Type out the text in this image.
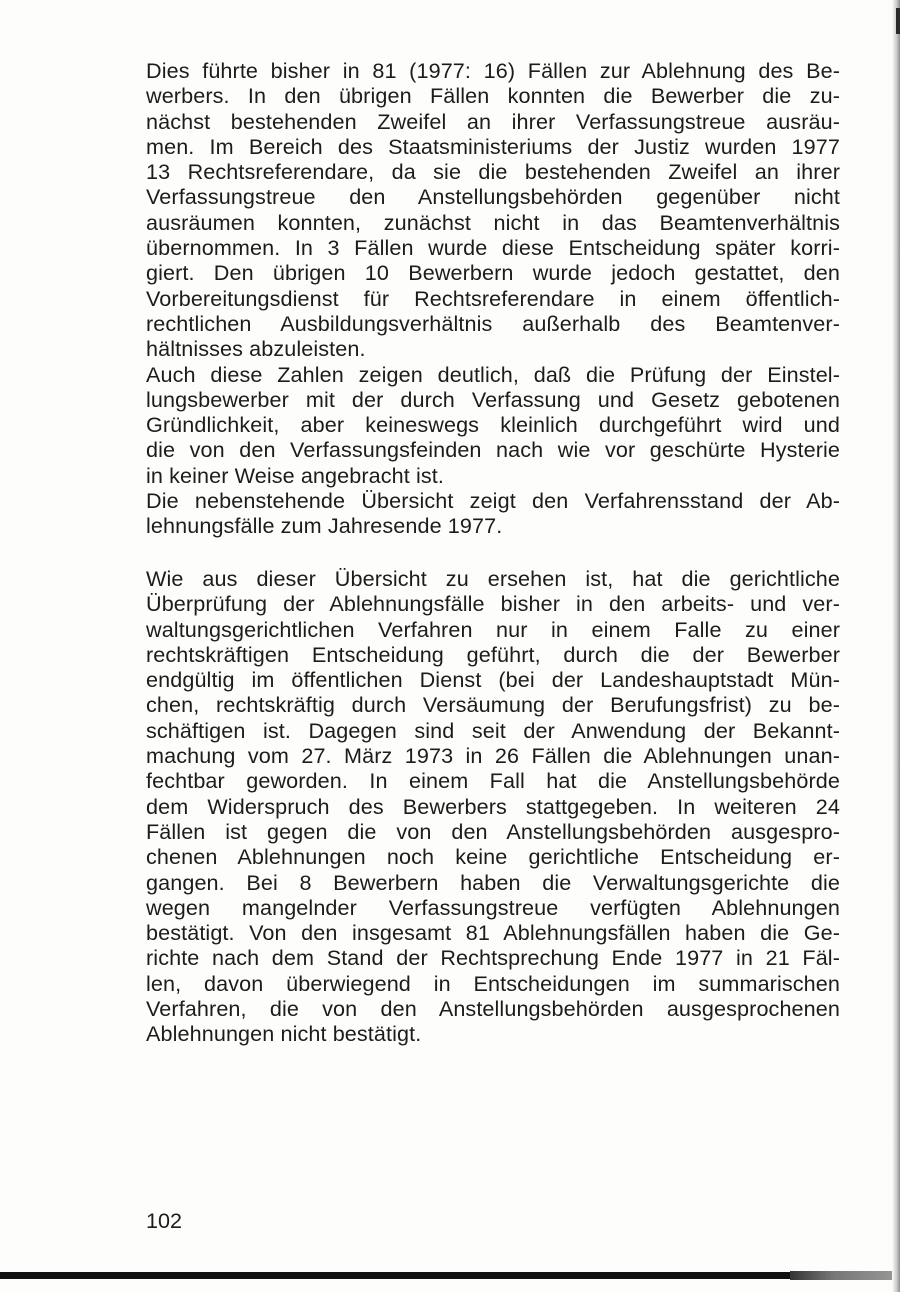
Dies führte bisher in 81 (1977: 16) Fällen zur Ablehnung des Be-
werbers. In den übrigen Fällen konnten die Bewerber die zu-
nächst bestehenden Zweifel an ihrer Verfassungstreue ausräu-
men. Im Bereich des Staatsministeriums der Justiz wurden 1977
13 Rechtsreferendare, da sie die bestehenden Zweifel an ihrer
Verfassungstreue den Anstellungsbehörden gegenüber nicht
ausräumen konnten, zunächst nicht in das Beamtenverhältnis
übernommen. In 3 Fällen wurde diese Entscheidung später korri-
giert. Den übrigen 10 Bewerbern wurde jedoch gestattet, den
Vorbereitungsdienst für Rechtsreferendare in einem öffentlich-
rechtlichen Ausbildungsverhältnis außerhalb des Beamtenver-
hältnisses abzuleisten.
Auch diese Zahlen zeigen deutlich, daß die Prüfung der Einstel-
lungsbewerber mit der durch Verfassung und Gesetz gebotenen
Gründlichkeit, aber keineswegs kleinlich durchgeführt wird und
die von den Verfassungsfeinden nach wie vor geschürte Hysterie
in keiner Weise angebracht ist.
Die nebenstehende Übersicht zeigt den Verfahrensstand der Ab-
lehnungsfälle zum Jahresende 1977.
Wie aus dieser Übersicht zu ersehen ist, hat die gerichtliche
Überprüfung der Ablehnungsfälle bisher in den arbeits- und ver-
waltungsgerichtlichen Verfahren nur in einem Falle zu einer
rechtskräftigen Entscheidung geführt, durch die der Bewerber
endgültig im öffentlichen Dienst (bei der Landeshauptstadt Mün-
chen, rechtskräftig durch Versäumung der Berufungsfrist) zu be-
schäftigen ist. Dagegen sind seit der Anwendung der Bekannt-
machung vom 27. März 1973 in 26 Fällen die Ablehnungen unan-
fechtbar geworden. In einem Fall hat die Anstellungsbehörde
dem Widerspruch des Bewerbers stattgegeben. In weiteren 24
Fällen ist gegen die von den Anstellungsbehörden ausgespro-
chenen Ablehnungen noch keine gerichtliche Entscheidung er-
gangen. Bei 8 Bewerbern haben die Verwaltungsgerichte die
wegen mangelnder Verfassungstreue verfügten Ablehnungen
bestätigt. Von den insgesamt 81 Ablehnungsfällen haben die Ge-
richte nach dem Stand der Rechtsprechung Ende 1977 in 21 Fäl-
len, davon überwiegend in Entscheidungen im summarischen
Verfahren, die von den Anstellungsbehörden ausgesprochenen
Ablehnungen nicht bestätigt.
102
